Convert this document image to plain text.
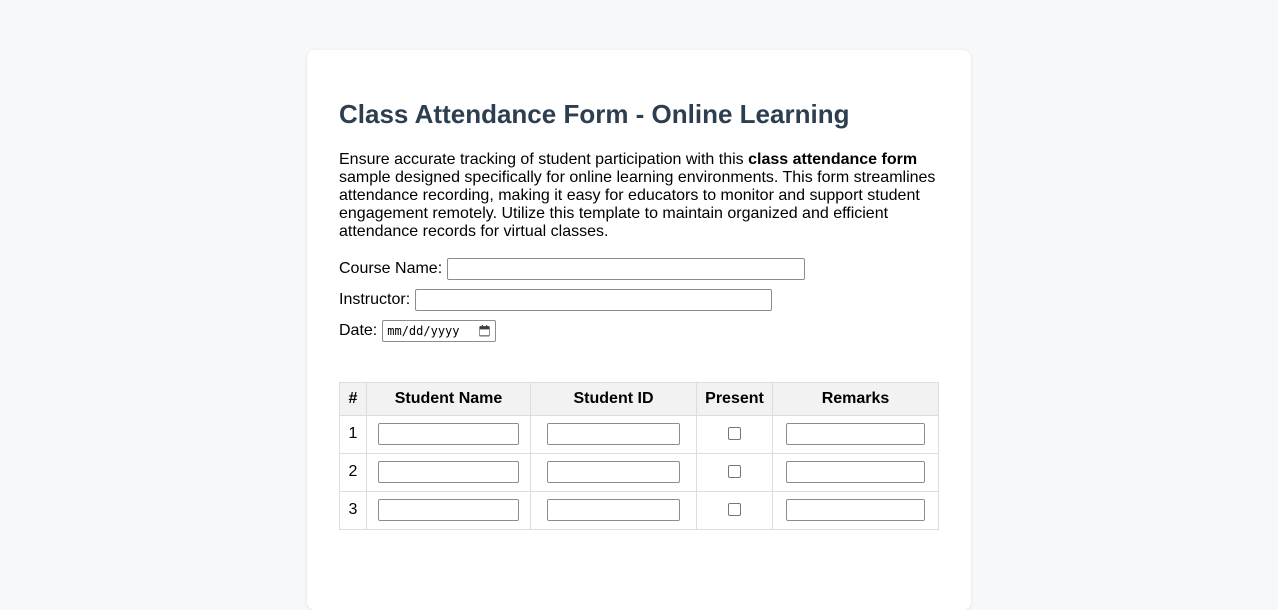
Class Attendance Form - Online Learning

Ensure accurate tracking of student participation with this class attendance form sample designed specifically for online learning environments. This form streamlines attendance recording, making it easy for educators to monitor and support student engagement remotely. Utilize this template to maintain organized and efficient attendance records for virtual classes.

Course Name:
Instructor:
Date: mm/dd/yyyy
#	Student Name	Student ID	Present	Remarks
1				
2				
3				
